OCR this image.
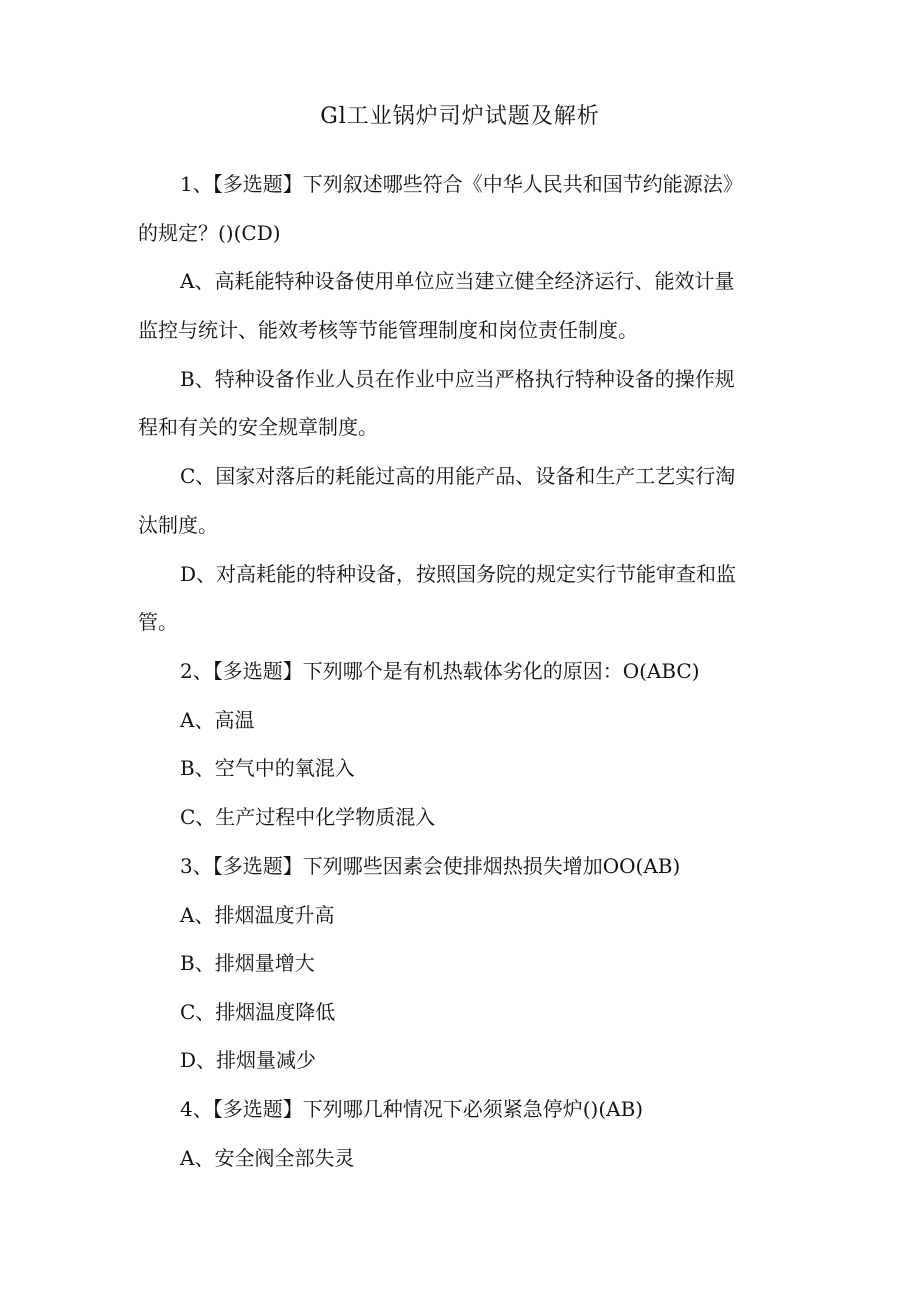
Gl工业锅炉司炉试题及解析
1、【多选题】下列叙述哪些符合《中华人民共和国节约能源法》
的规定？()(CD)
A、高耗能特种设备使用单位应当建立健全经济运行、能效计量
监控与统计、能效考核等节能管理制度和岗位责任制度。
B、特种设备作业人员在作业中应当严格执行特种设备的操作规
程和有关的安全规章制度。
C、国家对落后的耗能过高的用能产品、设备和生产工艺实行淘
汰制度。
D、对高耗能的特种设备，按照国务院的规定实行节能审查和监
管。
2、【多选题】下列哪个是有机热载体劣化的原因：O(ABC)
A、高温
B、空气中的氧混入
C、生产过程中化学物质混入
3、【多选题】下列哪些因素会使排烟热损失增加OO(AB)
A、排烟温度升高
B、排烟量增大
C、排烟温度降低
D、排烟量减少
4、【多选题】下列哪几种情况下必须紧急停炉()(AB)
A、安全阀全部失灵
